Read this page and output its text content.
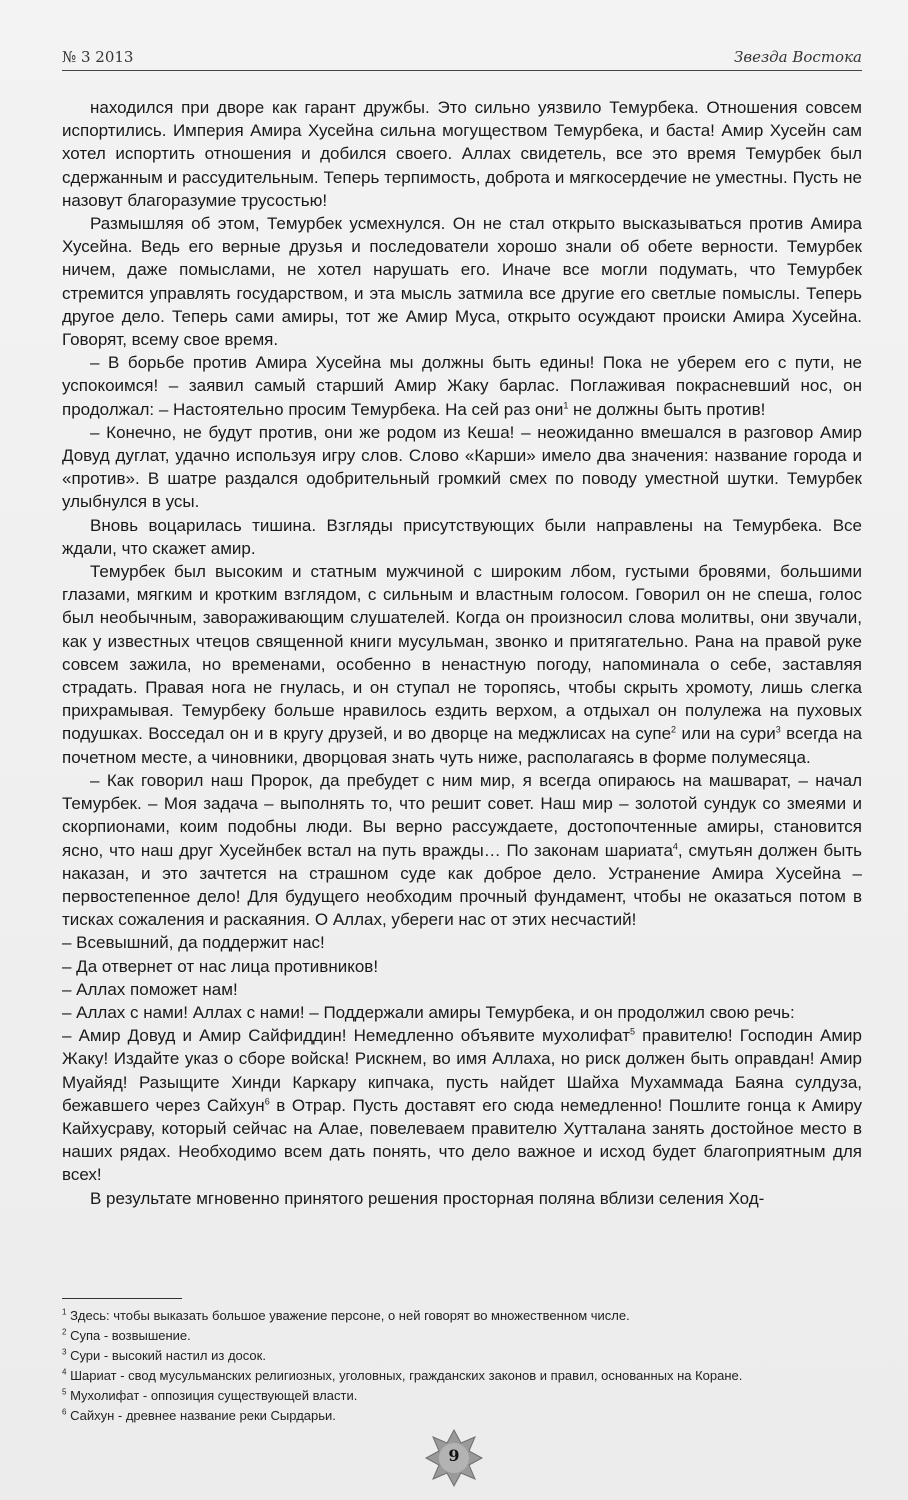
№ 3 2013	Звезда Востока

находился при дворе как гарант дружбы. Это сильно уязвило Темурбека. Отношения совсем испортились. Империя Амира Хусейна сильна могуществом Темурбека, и баста! Амир Хусейн сам хотел испортить отношения и добился своего. Аллах свидетель, все это время Темурбек был сдержанным и рассудительным. Теперь терпимость, доброта и мягкосердечие не уместны. Пусть не назовут благоразумие трусостью!

Размышляя об этом, Темурбек усмехнулся. Он не стал открыто высказываться против Амира Хусейна. Ведь его верные друзья и последователи хорошо знали об обете верности. Темурбек ничем, даже помыслами, не хотел нарушать его. Иначе все могли подумать, что Темурбек стремится управлять государством, и эта мысль затмила все другие его светлые помыслы. Теперь другое дело. Теперь сами амиры, тот же Амир Муса, открыто осуждают происки Амира Хусейна. Говорят, всему свое время.

– В борьбе против Амира Хусейна мы должны быть едины! Пока не уберем его с пути, не успокоимся! – заявил самый старший Амир Жаку барлас. Поглаживая покрасневший нос, он продолжал: – Настоятельно просим Темурбека. На сей раз они$^1$ не должны быть против!

– Конечно, не будут против, они же родом из Кеша! – неожиданно вмешался в разговор Амир Довуд дуглат, удачно используя игру слов. Слово «Карши» имело два значения: название города и «против». В шатре раздался одобрительный громкий смех по поводу уместной шутки. Темурбек улыбнулся в усы.

Вновь воцарилась тишина. Взгляды присутствующих были направлены на Темурбека. Все ждали, что скажет амир.

Темурбек был высоким и статным мужчиной с широким лбом, густыми бровями, большими глазами, мягким и кротким взглядом, с сильным и властным голосом. Говорил он не спеша, голос был необычным, завораживающим слушателей. Когда он произносил слова молитвы, они звучали, как у известных чтецов священной книги мусульман, звонко и притягательно. Рана на правой руке совсем зажила, но временами, особенно в ненастную погоду, напоминала о себе, заставляя страдать. Правая нога не гнулась, и он ступал не торопясь, чтобы скрыть хромоту, лишь слегка прихрамывая. Темурбеку больше нравилось ездить верхом, а отдыхал он полулежа на пуховых подушках. Восседал он и в кругу друзей, и во дворце на меджлисах на супе$^2$ или на сури$^3$ всегда на почетном месте, а чиновники, дворцовая знать чуть ниже, располагаясь в форме полумесяца.

– Как говорил наш Пророк, да пребудет с ним мир, я всегда опираюсь на машварат, – начал Темурбек. – Моя задача – выполнять то, что решит совет. Наш мир – золотой сундук со змеями и скорпионами, коим подобны люди. Вы верно рассуждаете, достопочтенные амиры, становится ясно, что наш друг Хусейнбек встал на путь вражды… По законам шариата$^4$, смутьян должен быть наказан, и это зачтется на страшном суде как доброе дело. Устранение Амира Хусейна – первостепенное дело! Для будущего необходим прочный фундамент, чтобы не оказаться потом в тисках сожаления и раскаяния. О Аллах, убереги нас от этих несчастий!

– Всевышний, да поддержит нас!

– Да отвернет от нас лица противников!

– Аллах поможет нам!

– Аллах с нами! Аллах с нами! – Поддержали амиры Темурбека, и он продолжил свою речь:

– Амир Довуд и Амир Сайфиддин! Немедленно объявите мухолифат$^5$ правителю! Господин Амир Жаку! Издайте указ о сборе войска! Рискнем, во имя Аллаха, но риск должен быть оправдан! Амир Муайяд! Разыщите Хинди Каркару кипчака, пусть найдет Шайха Мухаммада Баяна сулдуза, бежавшего через Сайхун$^6$ в Отрар. Пусть доставят его сюда немедленно! Пошлите гонца к Амиру Кайхусраву, который сейчас на Алае, повелеваем правителю Хутталана занять достойное место в наших рядах. Необходимо всем дать понять, что дело важное и исход будет благоприятным для всех!

В результате мгновенно принятого решения просторная поляна вблизи селения Ход-

$^1$ Здесь: чтобы выказать большое уважение персоне, о ней говорят во множественном числе.
$^2$ Супа - возвышение.
$^3$ Сури - высокий настил из досок.
$^4$ Шариат - свод мусульманских религиозных, уголовных, гражданских законов и правил, основанных на Коране.
$^5$ Мухолифат - оппозиция существующей власти.
$^6$ Сайхун - древнее название реки Сырдарьи.
9
